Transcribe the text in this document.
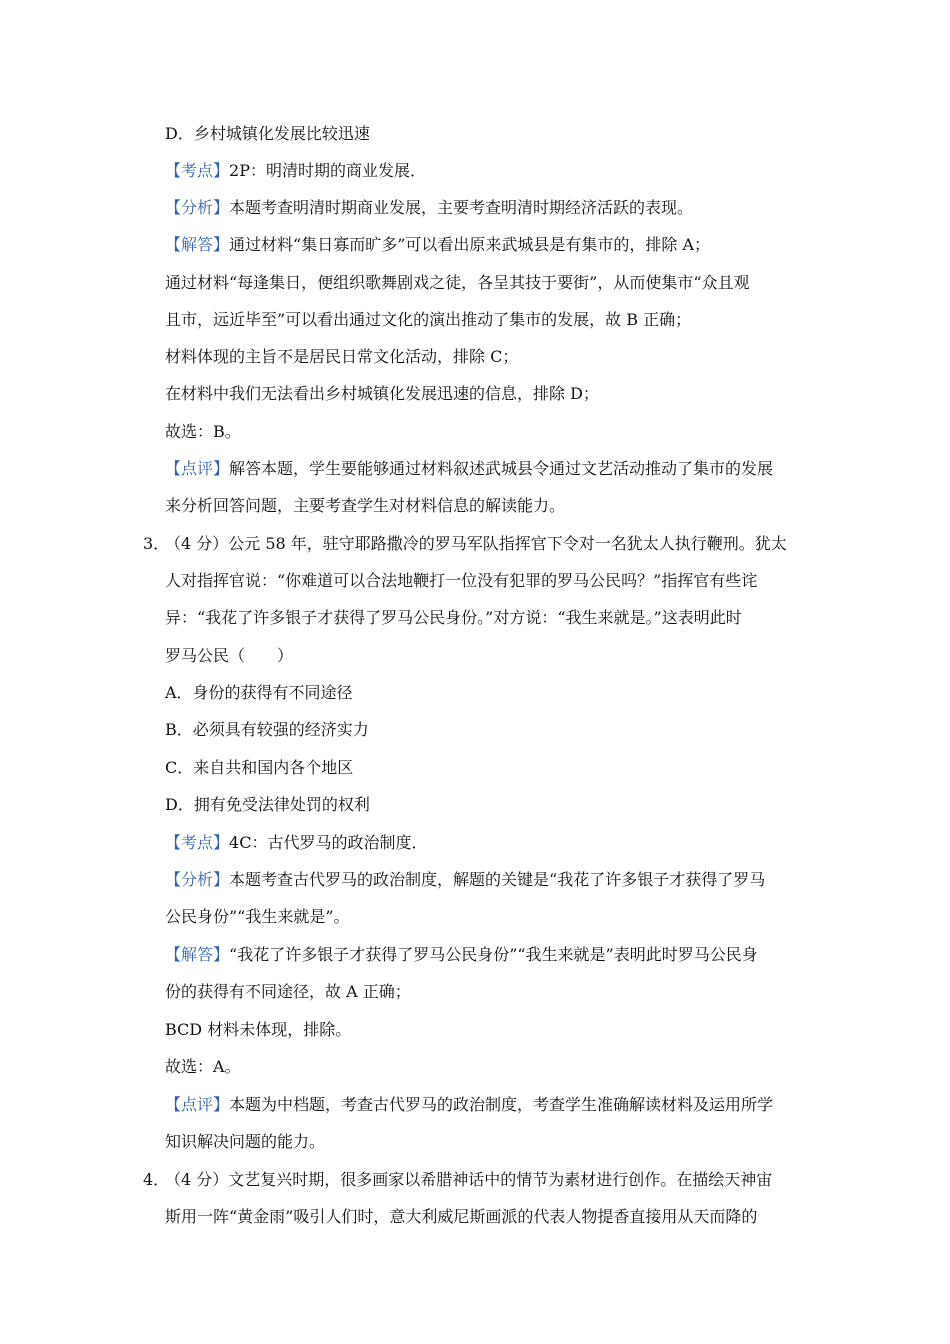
D．乡村城镇化发展比较迅速
【考点】2P：明清时期的商业发展．
【分析】本题考查明清时期商业发展，主要考查明清时期经济活跃的表现。
【解答】通过材料“集日寡而旷多”可以看出原来武城县是有集市的，排除 A；
通过材料“每逢集日，便组织歌舞剧戏之徒，各呈其技于要街”，从而使集市“众且观
且市，远近毕至”可以看出通过文化的演出推动了集市的发展，故 B 正确；
材料体现的主旨不是居民日常文化活动，排除 C；
在材料中我们无法看出乡村城镇化发展迅速的信息，排除 D；
故选：B。
【点评】解答本题，学生要能够通过材料叙述武城县令通过文艺活动推动了集市的发展
来分析回答问题，主要考查学生对材料信息的解读能力。
3．
（4 分）公元 58 年，驻守耶路撒冷的罗马军队指挥官下令对一名犹太人执行鞭刑。犹太
人对指挥官说：“你难道可以合法地鞭打一位没有犯罪的罗马公民吗？”指挥官有些诧
异：“我花了许多银子才获得了罗马公民身份。”对方说：“我生来就是。”这表明此时
罗马公民（　　）
A．身份的获得有不同途径
B．必须具有较强的经济实力
C．来自共和国内各个地区
D．拥有免受法律处罚的权利
【考点】4C：古代罗马的政治制度．
【分析】本题考查古代罗马的政治制度，解题的关键是“我花了许多银子才获得了罗马
公民身份”“我生来就是”。
【解答】“我花了许多银子才获得了罗马公民身份”“我生来就是”表明此时罗马公民身
份的获得有不同途径，故 A 正确；
BCD 材料未体现，排除。
故选：A。
【点评】本题为中档题，考查古代罗马的政治制度，考查学生准确解读材料及运用所学
知识解决问题的能力。
4．
（4 分）文艺复兴时期，很多画家以希腊神话中的情节为素材进行创作。在描绘天神宙
斯用一阵“黄金雨”吸引人们时，意大利威尼斯画派的代表人物提香直接用从天而降的
